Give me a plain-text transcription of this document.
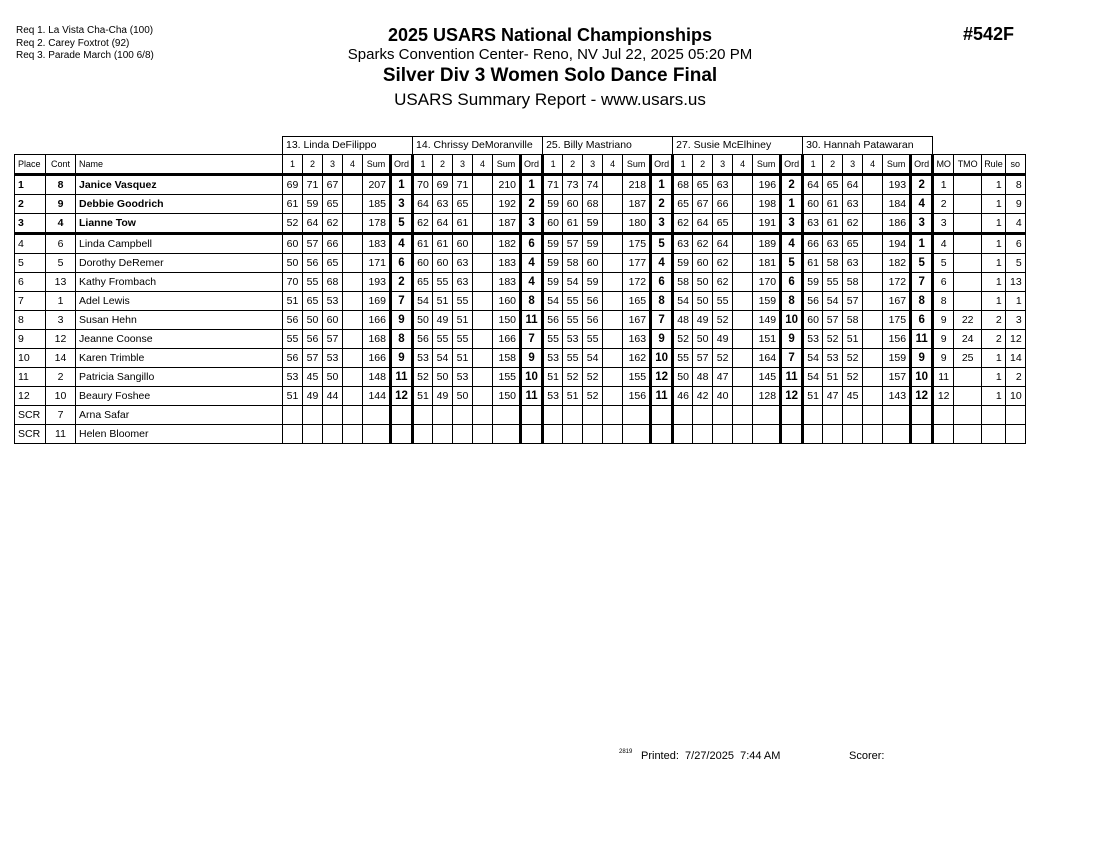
Req 1. La Vista Cha-Cha (100)
Req 2. Carey Foxtrot (92)
Req 3. Parade March (100 6/8)
2025 USARS National Championships
Sparks Convention Center- Reno, NV Jul 22, 2025 05:20 PM
Silver Div 3 Women Solo Dance Final
USARS Summary Report - www.usars.us
#542F
			13. Linda DeFilippo						14. Chrissy DeMoranville						25. Billy Mastriano						27. Susie McElhiney						30. Hannah Patawaran									
Place	Cont	Name	1	2	3	4	Sum	Ord	1	2	3	4	Sum	Ord	1	2	3	4	Sum	Ord	1	2	3	4	Sum	Ord	1	2	3	4	Sum	Ord	MO	TMO	Rule	so
1	8	Janice Vasquez	69	71	67		207	1	70	69	71		210	1	71	73	74		218	1	68	65	63		196	2	64	65	64		193	2	1		1	8
2	9	Debbie Goodrich	61	59	65		185	3	64	63	65		192	2	59	60	68		187	2	65	67	66		198	1	60	61	63		184	4	2		1	9
3	4	Lianne Tow	52	64	62		178	5	62	64	61		187	3	60	61	59		180	3	62	64	65		191	3	63	61	62		186	3	3		1	4
4	6	Linda Campbell	60	57	66		183	4	61	61	60		182	6	59	57	59		175	5	63	62	64		189	4	66	63	65		194	1	4		1	6
5	5	Dorothy DeRemer	50	56	65		171	6	60	60	63		183	4	59	58	60		177	4	59	60	62		181	5	61	58	63		182	5	5		1	5
6	13	Kathy Frombach	70	55	68		193	2	65	55	63		183	4	59	54	59		172	6	58	50	62		170	6	59	55	58		172	7	6		1	13
7	1	Adel Lewis	51	65	53		169	7	54	51	55		160	8	54	55	56		165	8	54	50	55		159	8	56	54	57		167	8	8		1	1
8	3	Susan Hehn	56	50	60		166	9	50	49	51		150	11	56	55	56		167	7	48	49	52		149	10	60	57	58		175	6	9	22	2	3
9	12	Jeanne Coonse	55	56	57		168	8	56	55	55		166	7	55	53	55		163	9	52	50	49		151	9	53	52	51		156	11	9	24	2	12
10	14	Karen Trimble	56	57	53		166	9	53	54	51		158	9	53	55	54		162	10	55	57	52		164	7	54	53	52		159	9	9	25	1	14
11	2	Patricia Sangillo	53	45	50		148	11	52	50	53		155	10	51	52	52		155	12	50	48	47		145	11	54	51	52		157	10	11		1	2
12	10	Beaury Foshee	51	49	44		144	12	51	49	50		150	11	53	51	52		156	11	46	42	40		128	12	51	47	45		143	12	12		1	10
SCR	7	Arna Safar																																		
SCR	11	Helen Bloomer																																		
2819 Printed:  7/27/2025  7:44 AM	Scorer:
